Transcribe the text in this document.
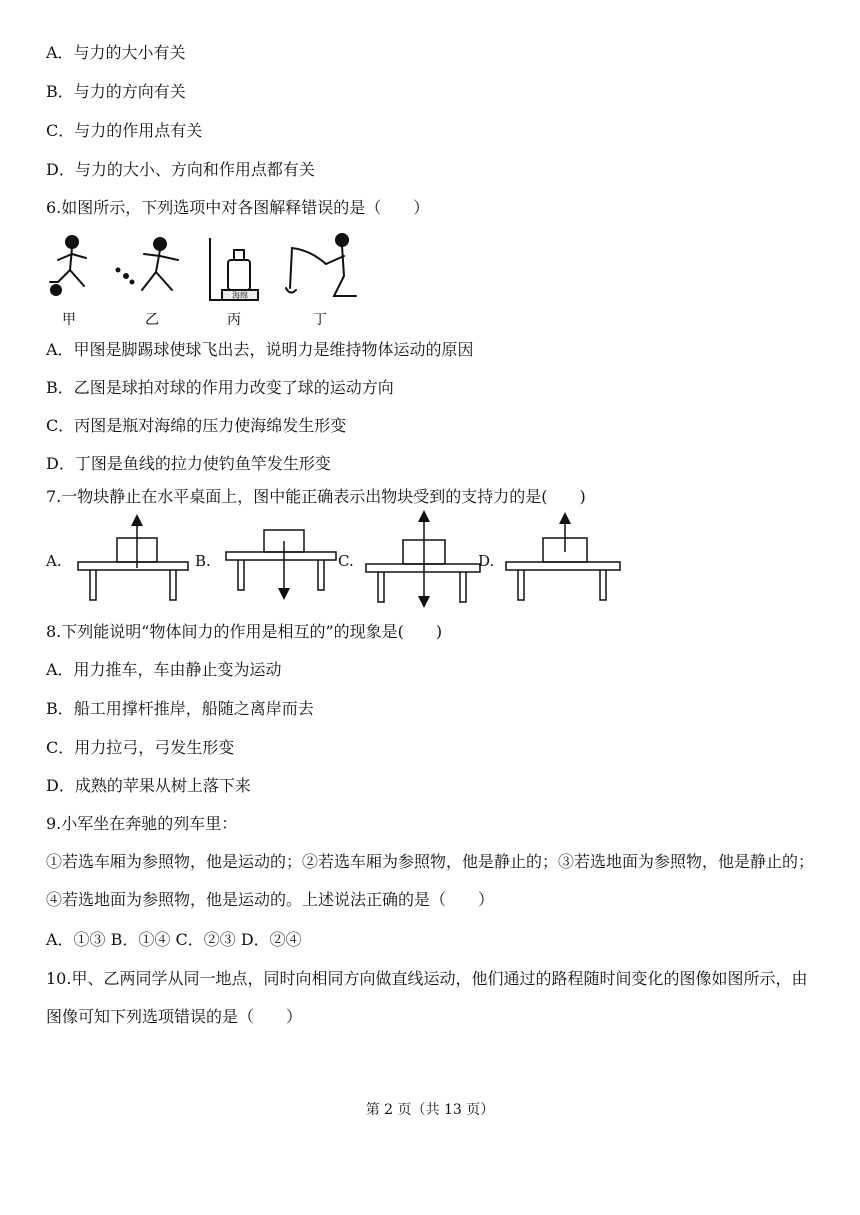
A．与力的大小有关
B．与力的方向有关
C．与力的作用点有关
D．与力的大小、方向和作用点都有关
6.如图所示，下列选项中对各图解释错误的是（　　）
海绵
甲	乙	丙	丁
A．甲图是脚踢球使球飞出去，说明力是维持物体运动的原因
B．乙图是球拍对球的作用力改变了球的运动方向
C．丙图是瓶对海绵的压力使海绵发生形变
D．丁图是鱼线的拉力使钓鱼竿发生形变
7.一物块静止在水平桌面上，图中能正确表示出物块受到的支持力的是(　　)
A.	B.	C.	D.
8.下列能说明“物体间力的作用是相互的”的现象是(　　)
A．用力推车，车由静止变为运动
B．船工用撑杆推岸，船随之离岸而去
C．用力拉弓，弓发生形变
D．成熟的苹果从树上落下来
9.小军坐在奔驰的列车里：
①若选车厢为参照物，他是运动的；②若选车厢为参照物，他是静止的；③若选地面为参照物，他是静止的；④若选地面为参照物，他是运动的。上述说法正确的是（　　）
A．①③ B．①④ C．②③ D．②④
10.甲、乙两同学从同一地点，同时向相同方向做直线运动，他们通过的路程随时间变化的图像如图所示，由图像可知下列选项错误的是（　　）
第 2 页（共 13 页）
